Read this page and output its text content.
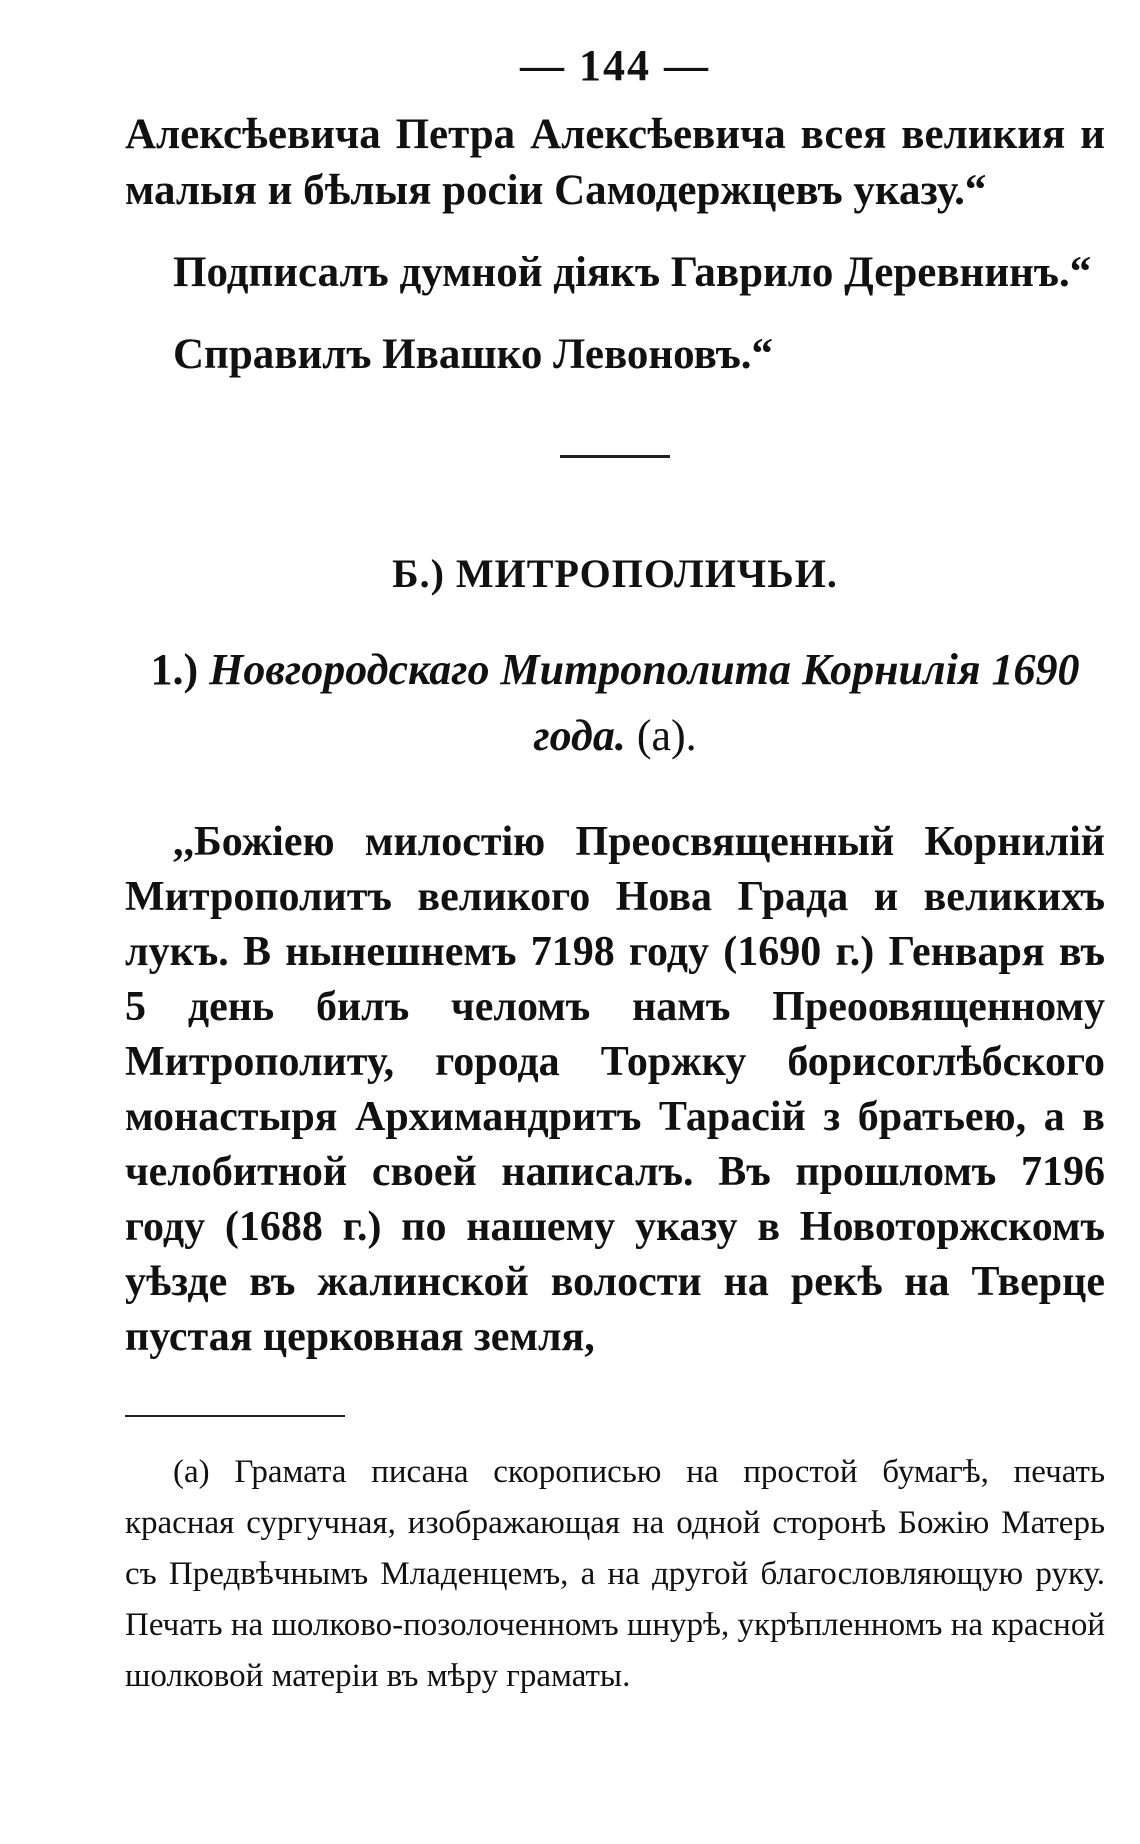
— 144 —

Алексѣевича Петра Алексѣевича всея великия и малыя и бѣлыя росіи Самодержцевъ указу.“

Подписалъ думной діякъ Гаврило Деревнинъ.“

Справилъ Ивашко Левоновъ.“

Б.) МИТРОПОЛИЧЬИ.
1.) Новгородскаго Митрополита Корнилія 1690 года. (а).

,,Божіею милостію Преосвященный Корнилій Митрополитъ великого Нова Града и великихъ лукъ. В нынешнемъ 7198 году (1690 г.) Генваря въ 5 день билъ челомъ намъ Преоовященному Митрополиту, города Торжку борисоглѣбского монастыря Архимандритъ Тарасій з братьею, а в челобитной своей написалъ. Въ прошломъ 7196 году (1688 г.) по нашему указу в Новоторжскомъ уѣзде въ жалинской волости на рекѣ на Тверце пустая церковная земля,

(а) Грамата писана скорописью на простой бумагѣ, печать красная сургучная, изображающая на одной сторонѣ Божію Матерь съ Предвѣчнымъ Младенцемъ, а на другой благословляющую руку. Печать на шолково-позолоченномъ шнурѣ, укрѣпленномъ на красной шолковой матеріи въ мѣру граматы.
